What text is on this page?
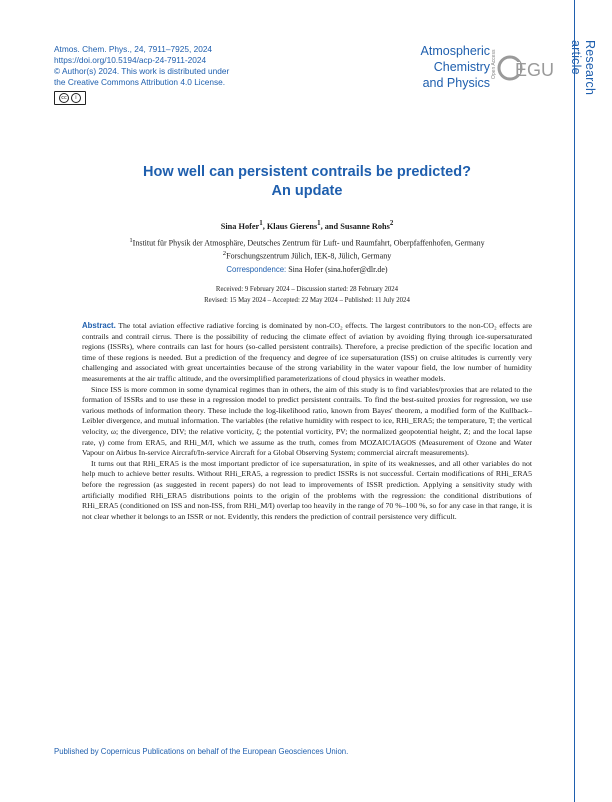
Atmos. Chem. Phys., 24, 7911–7925, 2024
https://doi.org/10.5194/acp-24-7911-2024
© Author(s) 2024. This work is distributed under
the Creative Commons Attribution 4.0 License.
cc	i
Atmospheric
Chemistry
and Physics
Open Access EGU	Research article
How well can persistent contrails be predicted?
An update
Sina Hofer$^1$, Klaus Gierens$^1$, and Susanne Rohs$^2$
$^1$Institut für Physik der Atmosphäre, Deutsches Zentrum für Luft- und Raumfahrt, Oberpfaffenhofen, Germany
$^2$Forschungszentrum Jülich, IEK-8, Jülich, Germany
Correspondence: Sina Hofer (sina.hofer@dlr.de)
Received: 9 February 2024 – Discussion started: 28 February 2024
Revised: 15 May 2024 – Accepted: 22 May 2024 – Published: 11 July 2024

Abstract. The total aviation effective radiative forcing is dominated by non-CO₂ effects. The largest contributors to the non-CO₂ effects are contrails and contrail cirrus. There is the possibility of reducing the climate effect of aviation by avoiding flying through ice-supersaturated regions (ISSRs), where contrails can last for hours (so-called persistent contrails). Therefore, a precise prediction of the specific location and time of these regions is needed. But a prediction of the frequency and degree of ice supersaturation (ISS) on cruise altitudes is currently very challenging and associated with great uncertainties because of the strong variability in the water vapour field, the low number of humidity measurements at the air traffic altitude, and the oversimplified parameterizations of cloud physics in weather models.

Since ISS is more common in some dynamical regimes than in others, the aim of this study is to find variables/proxies that are related to the formation of ISSRs and to use these in a regression model to predict persistent contrails. To find the best-suited proxies for regression, we use various methods of information theory. These include the log-likelihood ratio, known from Bayes' theorem, a modified form of the Kullback–Leibler divergence, and mutual information. The variables (the relative humidity with respect to ice, RHi_ERA5; the temperature, T; the vertical velocity, ω; the divergence, DIV; the relative vorticity, ζ; the potential vorticity, PV; the normalized geopotential height, Z; and the local lapse rate, γ) come from ERA5, and RHi_M/I, which we assume as the truth, comes from MOZAIC/IAGOS (Measurement of Ozone and Water Vapour on Airbus In-service Aircraft/In-service Aircraft for a Global Observing System; commercial aircraft measurements).

It turns out that RHi_ERA5 is the most important predictor of ice supersaturation, in spite of its weaknesses, and all other variables do not help much to achieve better results. Without RHi_ERA5, a regression to predict ISSRs is not successful. Certain modifications of RHi_ERA5 before the regression (as suggested in recent papers) do not lead to improvements of ISSR prediction. Applying a sensitivity study with artificially modified RHi_ERA5 distributions points to the origin of the problems with the regression: the conditional distributions of RHi_ERA5 (conditioned on ISS and non-ISS, from RHi_M/I) overlap too heavily in the range of 70 %–100 %, so for any case in that range, it is not clear whether it belongs to an ISSR or not. Evidently, this renders the prediction of contrail persistence very difficult.

Published by Copernicus Publications on behalf of the European Geosciences Union.
